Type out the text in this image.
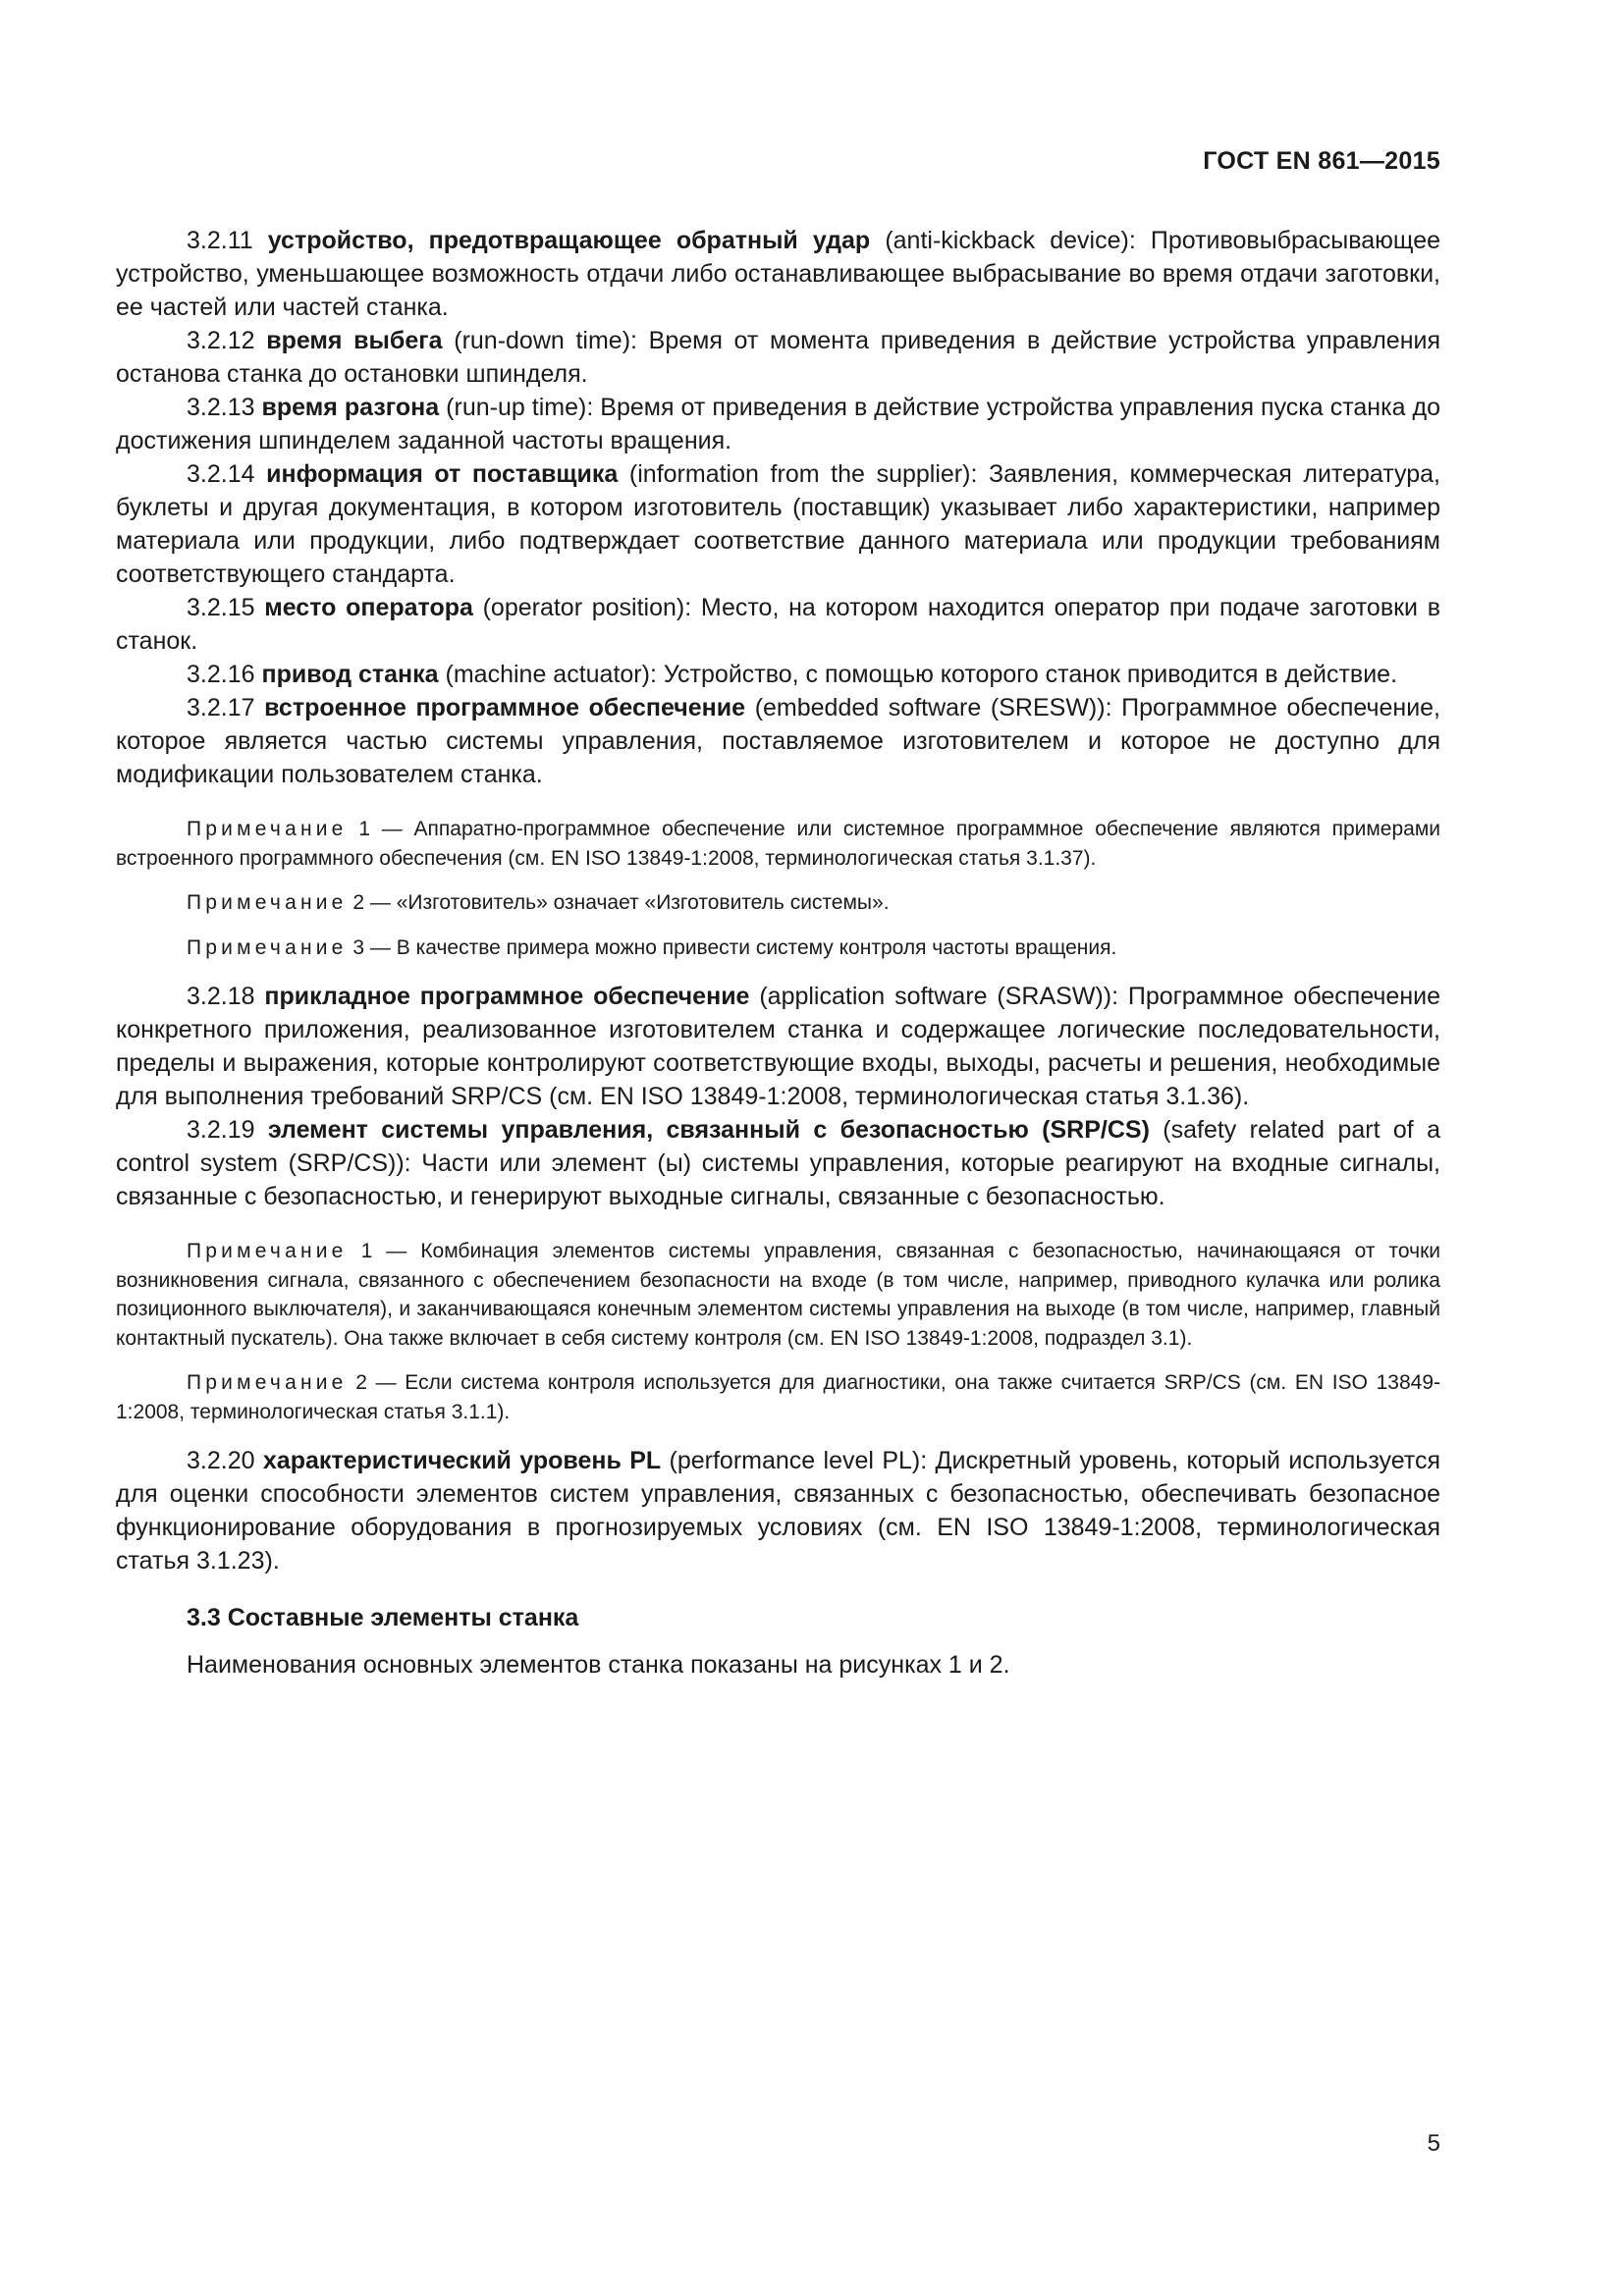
ГОСТ EN 861—2015

3.2.11 устройство, предотвращающее обратный удар (anti-kickback device): Противовыбрасывающее устройство, уменьшающее возможность отдачи либо останавливающее выбрасывание во время отдачи заготовки, ее частей или частей станка.

3.2.12 время выбега (run-down time): Время от момента приведения в действие устройства управления останова станка до остановки шпинделя.

3.2.13 время разгона (run-up time): Время от приведения в действие устройства управления пуска станка до достижения шпинделем заданной частоты вращения.

3.2.14 информация от поставщика (information from the supplier): Заявления, коммерческая литература, буклеты и другая документация, в котором изготовитель (поставщик) указывает либо характеристики, например материала или продукции, либо подтверждает соответствие данного материала или продукции требованиям соответствующего стандарта.

3.2.15 место оператора (operator position): Место, на котором находится оператор при подаче заготовки в станок.

3.2.16 привод станка (machine actuator): Устройство, с помощью которого станок приводится в действие.

3.2.17 встроенное программное обеспечение (embedded software (SRESW)): Программное обеспечение, которое является частью системы управления, поставляемое изготовителем и которое не доступно для модификации пользователем станка.

Примечание 1 — Аппаратно-программное обеспечение или системное программное обеспечение являются примерами встроенного программного обеспечения (см. EN ISO 13849-1:2008, терминологическая статья 3.1.37).

Примечание 2 — «Изготовитель» означает «Изготовитель системы».

Примечание 3 — В качестве примера можно привести систему контроля частоты вращения.

3.2.18 прикладное программное обеспечение (application software (SRASW)): Программное обеспечение конкретного приложения, реализованное изготовителем станка и содержащее логические последовательности, пределы и выражения, которые контролируют соответствующие входы, выходы, расчеты и решения, необходимые для выполнения требований SRP/CS (см. EN ISO 13849-1:2008, терминологическая статья 3.1.36).

3.2.19 элемент системы управления, связанный с безопасностью (SRP/CS) (safety related part of a control system (SRP/CS)): Части или элемент (ы) системы управления, которые реагируют на входные сигналы, связанные с безопасностью, и генерируют выходные сигналы, связанные с безопасностью.

Примечание 1 — Комбинация элементов системы управления, связанная с безопасностью, начинающаяся от точки возникновения сигнала, связанного с обеспечением безопасности на входе (в том числе, например, приводного кулачка или ролика позиционного выключателя), и заканчивающаяся конечным элементом системы управления на выходе (в том числе, например, главный контактный пускатель). Она также включает в себя систему контроля (см. EN ISO 13849-1:2008, подраздел 3.1).

Примечание 2 — Если система контроля используется для диагностики, она также считается SRP/CS (см. EN ISO 13849-1:2008, терминологическая статья 3.1.1).

3.2.20 характеристический уровень PL (performance level PL): Дискретный уровень, который используется для оценки способности элементов систем управления, связанных с безопасностью, обеспечивать безопасное функционирование оборудования в прогнозируемых условиях (см. EN ISO 13849-1:2008, терминологическая статья 3.1.23).

3.3 Составные элементы станка

Наименования основных элементов станка показаны на рисунках 1 и 2.

5
